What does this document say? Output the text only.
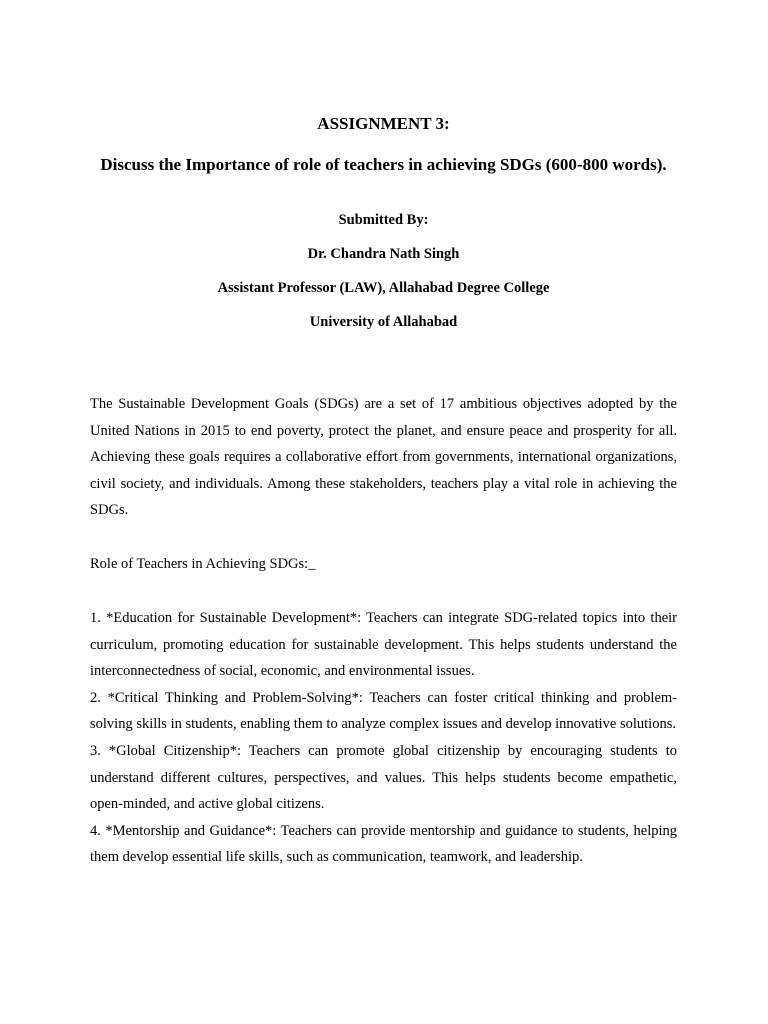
ASSIGNMENT 3:
Discuss the Importance of role of teachers in achieving SDGs (600-800 words).
Submitted By:
Dr. Chandra Nath Singh
Assistant Professor (LAW), Allahabad Degree College
University of Allahabad

The Sustainable Development Goals (SDGs) are a set of 17 ambitious objectives adopted by the United Nations in 2015 to end poverty, protect the planet, and ensure peace and prosperity for all. Achieving these goals requires a collaborative effort from governments, international organizations, civil society, and individuals. Among these stakeholders, teachers play a vital role in achieving the SDGs.

Role of Teachers in Achieving SDGs:_

1. *Education for Sustainable Development*: Teachers can integrate SDG-related topics into their curriculum, promoting education for sustainable development. This helps students understand the interconnectedness of social, economic, and environmental issues.

2. *Critical Thinking and Problem-Solving*: Teachers can foster critical thinking and problem-solving skills in students, enabling them to analyze complex issues and develop innovative solutions.

3. *Global Citizenship*: Teachers can promote global citizenship by encouraging students to understand different cultures, perspectives, and values. This helps students become empathetic, open-minded, and active global citizens.

4. *Mentorship and Guidance*: Teachers can provide mentorship and guidance to students, helping them develop essential life skills, such as communication, teamwork, and leadership.
